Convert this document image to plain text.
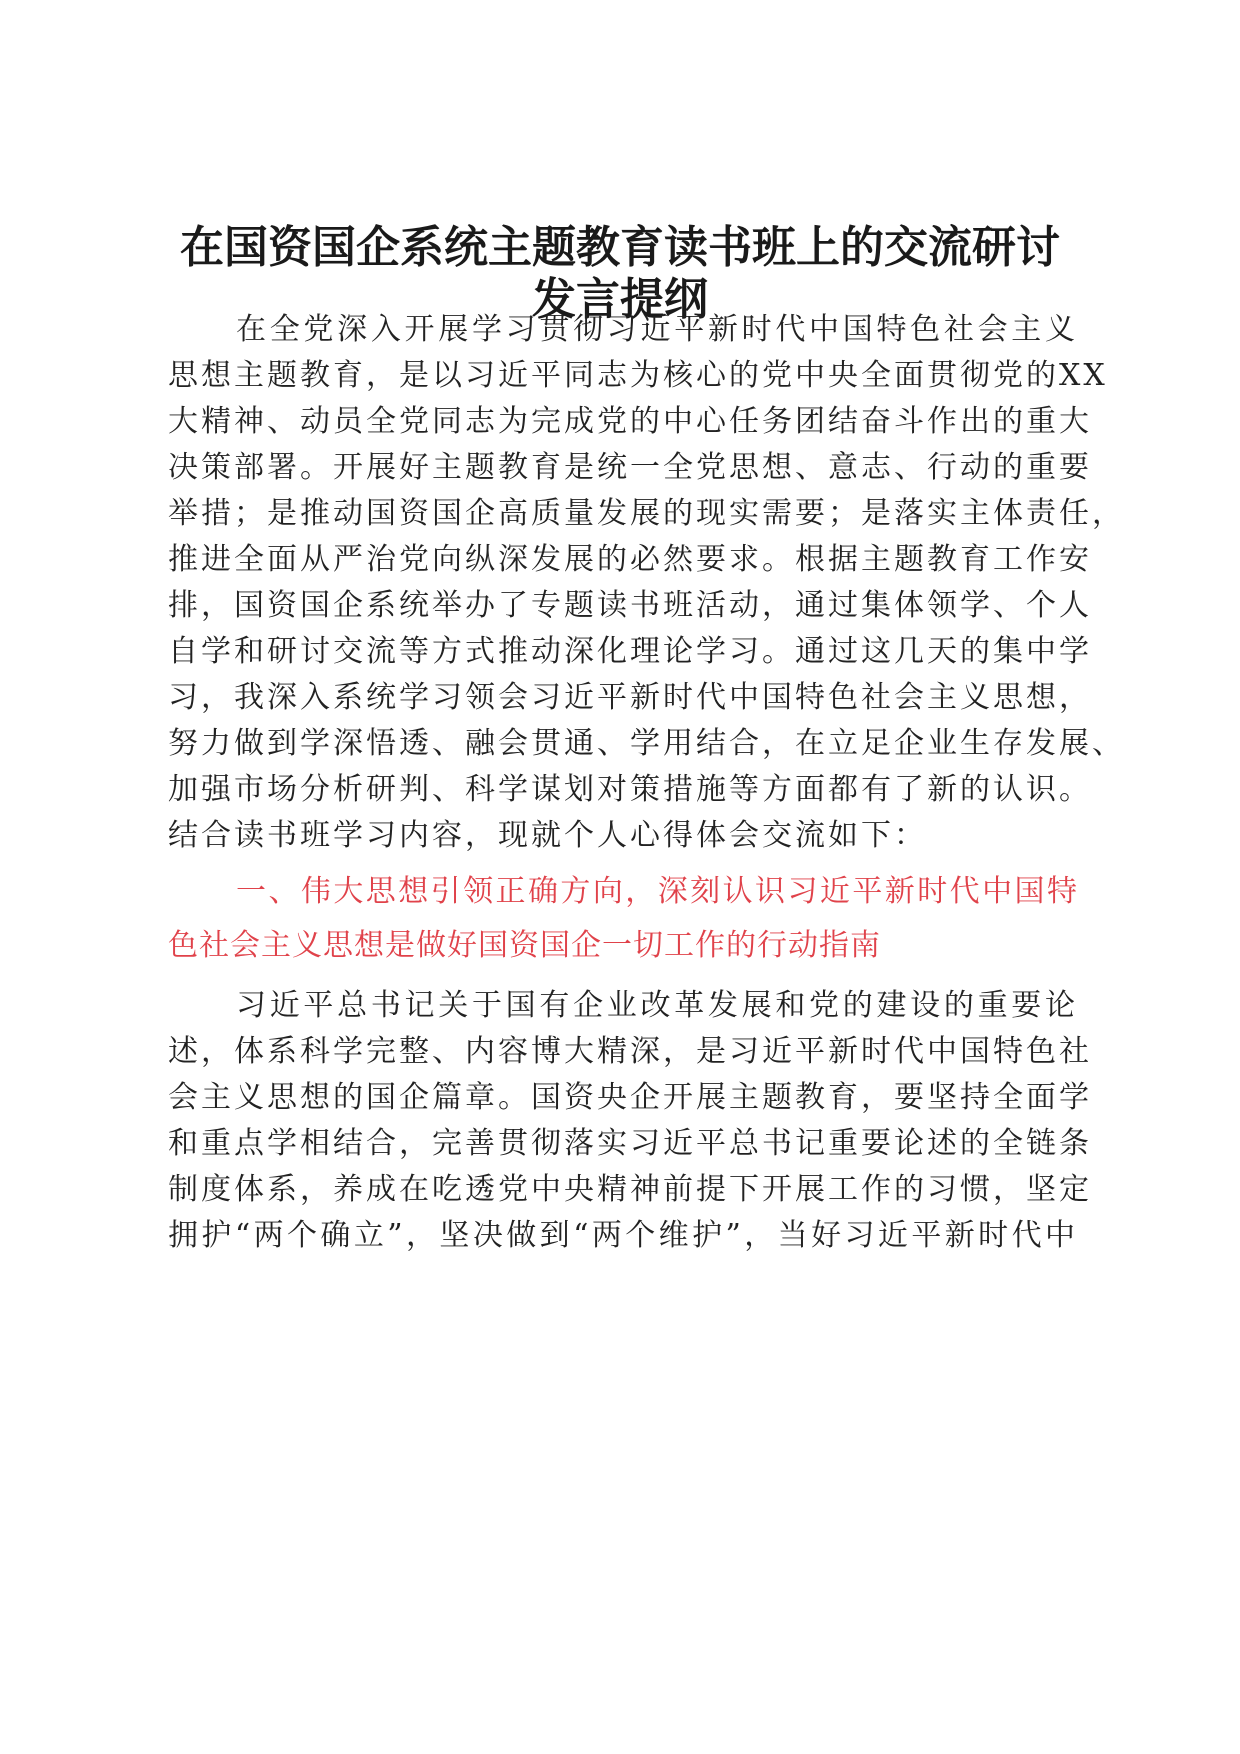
在国资国企系统主题教育读书班上的交流研讨
发言提纲

在全党深入开展学习贯彻习近平新时代中国特色社会主义

思想主题教育，是以习近平同志为核心的党中央全面贯彻党的XX

大精神、动员全党同志为完成党的中心任务团结奋斗作出的重大

决策部署。开展好主题教育是统一全党思想、意志、行动的重要

举措；是推动国资国企高质量发展的现实需要；是落实主体责任，

推进全面从严治党向纵深发展的必然要求。根据主题教育工作安

排，国资国企系统举办了专题读书班活动，通过集体领学、个人

自学和研讨交流等方式推动深化理论学习。通过这几天的集中学

习，我深入系统学习领会习近平新时代中国特色社会主义思想，

努力做到学深悟透、融会贯通、学用结合，在立足企业生存发展、

加强市场分析研判、科学谋划对策措施等方面都有了新的认识。

结合读书班学习内容，现就个人心得体会交流如下：

一、伟大思想引领正确方向，深刻认识习近平新时代中国特

色社会主义思想是做好国资国企一切工作的行动指南

习近平总书记关于国有企业改革发展和党的建设的重要论

述，体系科学完整、内容博大精深，是习近平新时代中国特色社

会主义思想的国企篇章。国资央企开展主题教育，要坚持全面学

和重点学相结合，完善贯彻落实习近平总书记重要论述的全链条

制度体系，养成在吃透党中央精神前提下开展工作的习惯，坚定

拥护“两个确立”，坚决做到“两个维护”，当好习近平新时代中
